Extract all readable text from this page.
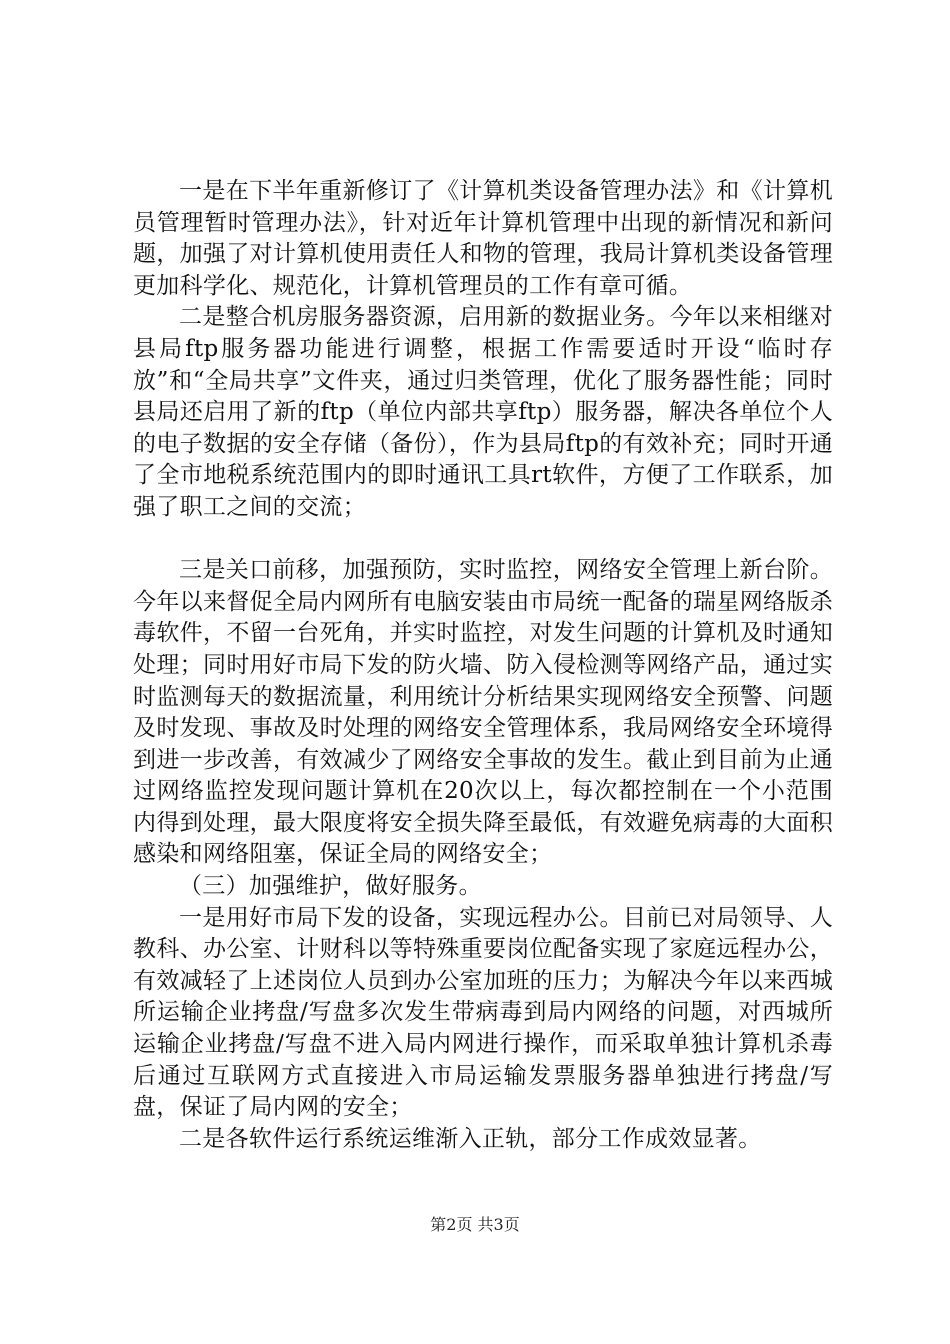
一是在下半年重新修订了《计算机类设备管理办法》和《计算机员管理暂时管理办法》，针对近年计算机管理中出现的新情况和新问题，加强了对计算机使用责任人和物的管理，我局计算机类设备管理更加科学化、规范化，计算机管理员的工作有章可循。

二是整合机房服务器资源，启用新的数据业务。今年以来相继对县局ftp服务器功能进行调整，根据工作需要适时开设“临时存放”和“全局共享”文件夹，通过归类管理，优化了服务器性能；同时县局还启用了新的ftp（单位内部共享ftp）服务器，解决各单位个人的电子数据的安全存储（备份），作为县局ftp的有效补充；同时开通了全市地税系统范围内的即时通讯工具rt软件，方便了工作联系，加强了职工之间的交流；

三是关口前移，加强预防，实时监控，网络安全管理上新台阶。今年以来督促全局内网所有电脑安装由市局统一配备的瑞星网络版杀毒软件，不留一台死角，并实时监控，对发生问题的计算机及时通知处理；同时用好市局下发的防火墙、防入侵检测等网络产品，通过实时监测每天的数据流量，利用统计分析结果实现网络安全预警、问题及时发现、事故及时处理的网络安全管理体系，我局网络安全环境得到进一步改善，有效减少了网络安全事故的发生。截止到目前为止通过网络监控发现问题计算机在20次以上，每次都控制在一个小范围内得到处理，最大限度将安全损失降至最低，有效避免病毒的大面积感染和网络阻塞，保证全局的网络安全；

（三）加强维护，做好服务。

一是用好市局下发的设备，实现远程办公。目前已对局领导、人教科、办公室、计财科以等特殊重要岗位配备实现了家庭远程办公，有效减轻了上述岗位人员到办公室加班的压力；为解决今年以来西城所运输企业拷盘/写盘多次发生带病毒到局内网络的问题，对西城所运输企业拷盘/写盘不进入局内网进行操作，而采取单独计算机杀毒后通过互联网方式直接进入市局运输发票服务器单独进行拷盘/写盘，保证了局内网的安全；

二是各软件运行系统运维渐入正轨，部分工作成效显著。

第2页 共3页
